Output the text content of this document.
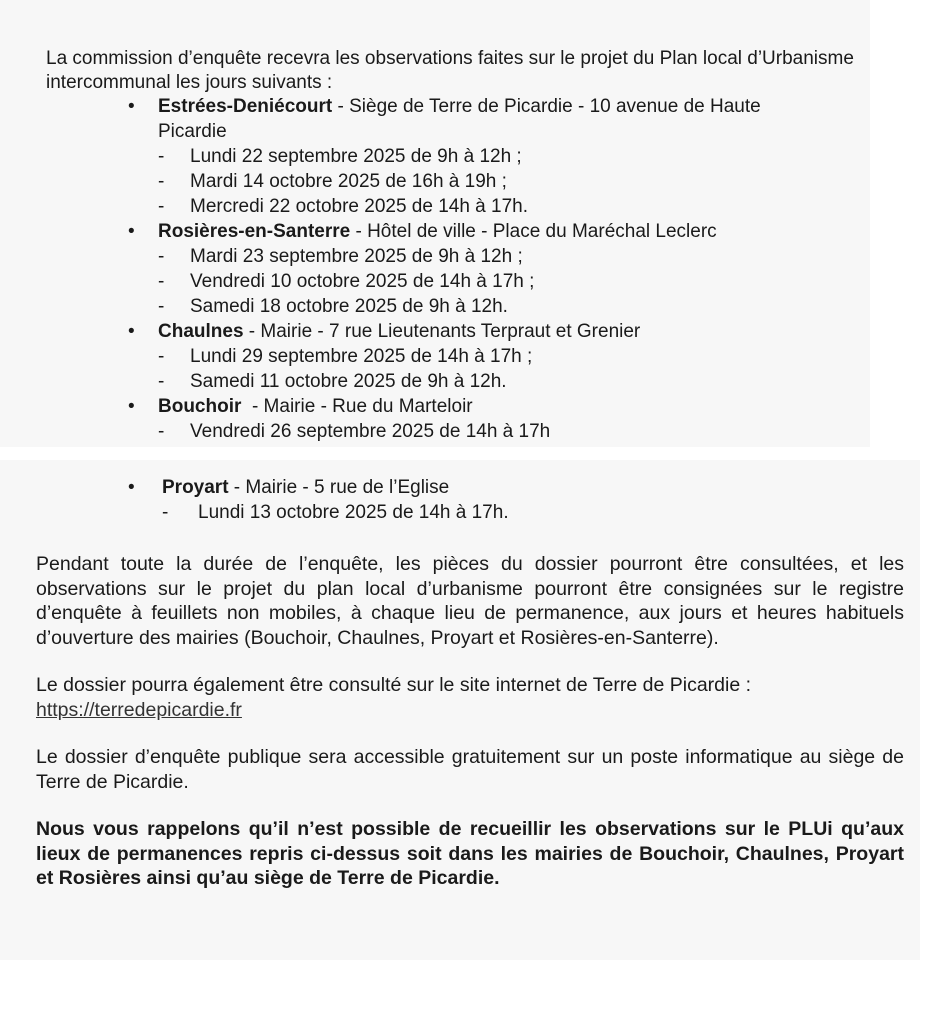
La commission d’enquête recevra les observations faites sur le projet du Plan local d’Urbanisme intercommunal les jours suivants :

•	Estrées-Deniécourt - Siège de Terre de Picardie - 10 avenue de Haute Picardie
- Lundi 22 septembre 2025 de 9h à 12h ;
- Mardi 14 octobre 2025 de 16h à 19h ;
- Mercredi 22 octobre 2025 de 14h à 17h.
•	Rosières-en-Santerre - Hôtel de ville - Place du Maréchal Leclerc
- Mardi 23 septembre 2025 de 9h à 12h ;
- Vendredi 10 octobre 2025 de 14h à 17h ;
- Samedi 18 octobre 2025 de 9h à 12h.
•	Chaulnes - Mairie - 7 rue Lieutenants Terpraut et Grenier
- Lundi 29 septembre 2025 de 14h à 17h ;
- Samedi 11 octobre 2025 de 9h à 12h.
•	Bouchoir  - Mairie - Rue du Marteloir
- Vendredi 26 septembre 2025 de 14h à 17h
•	Proyart - Mairie - 5 rue de l’Eglise
- Lundi 13 octobre 2025 de 14h à 17h.

Pendant toute la durée de l’enquête, les pièces du dossier pourront être consultées, et les observations sur le projet du plan local d’urbanisme pourront être consignées sur le registre d’enquête à feuillets non mobiles, à chaque lieu de permanence, aux jours et heures habituels d’ouverture des mairies (Bouchoir, Chaulnes, Proyart et Rosières-en-Santerre).

Le dossier pourra également être consulté sur le site internet de Terre de Picardie :
https://terredepicardie.fr

Le dossier d’enquête publique sera accessible gratuitement sur un poste informatique au siège de Terre de Picardie.

Nous vous rappelons qu’il n’est possible de recueillir les observations sur le PLUi qu’aux lieux de permanences repris ci-dessus soit dans les mairies de Bouchoir, Chaulnes, Proyart et Rosières ainsi qu’au siège de Terre de Picardie.
